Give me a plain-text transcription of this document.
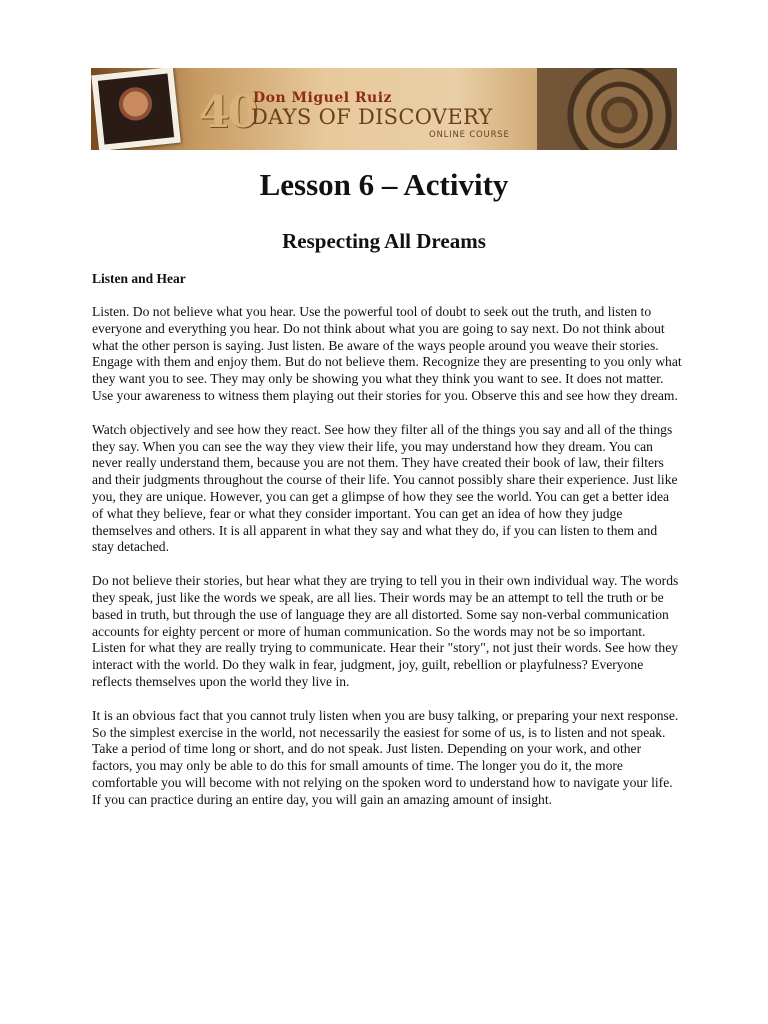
40
Don Miguel Ruiz
DAYS OF DISCOVERY
ONLINE COURSE
Lesson 6 – Activity
Respecting All Dreams
Listen and Hear

Listen. Do not believe what you hear. Use the powerful tool of doubt to seek out the truth, and listen to everyone and everything you hear. Do not think about what you are going to say next. Do not think about what the other person is saying. Just listen. Be aware of the ways people around you weave their stories. Engage with them and enjoy them. But do not believe them. Recognize they are presenting to you only what they want you to see. They may only be showing you what they think you want to see. It does not matter. Use your awareness to witness them playing out their stories for you. Observe this and see how they dream.

Watch objectively and see how they react. See how they filter all of the things you say and all of the things they say. When you can see the way they view their life, you may understand how they dream. You can never really understand them, because you are not them. They have created their book of law, their filters and their judgments throughout the course of their life. You cannot possibly share their experience. Just like you, they are unique. However, you can get a glimpse of how they see the world. You can get a better idea of what they believe, fear or what they consider important. You can get an idea of how they judge themselves and others. It is all apparent in what they say and what they do, if you can listen to them and stay detached.

Do not believe their stories, but hear what they are trying to tell you in their own individual way. The words they speak, just like the words we speak, are all lies. Their words may be an attempt to tell the truth or be based in truth, but through the use of language they are all distorted. Some say non-verbal communication accounts for eighty percent or more of human communication. So the words may not be so important. Listen for what they are really trying to communicate. Hear their "story", not just their words. See how they interact with the world. Do they walk in fear, judgment, joy, guilt, rebellion or playfulness? Everyone reflects themselves upon the world they live in.

It is an obvious fact that you cannot truly listen when you are busy talking, or preparing your next response. So the simplest exercise in the world, not necessarily the easiest for some of us, is to listen and not speak. Take a period of time long or short, and do not speak. Just listen. Depending on your work, and other factors, you may only be able to do this for small amounts of time. The longer you do it, the more comfortable you will become with not relying on the spoken word to understand how to navigate your life. If you can practice during an entire day, you will gain an amazing amount of insight.
